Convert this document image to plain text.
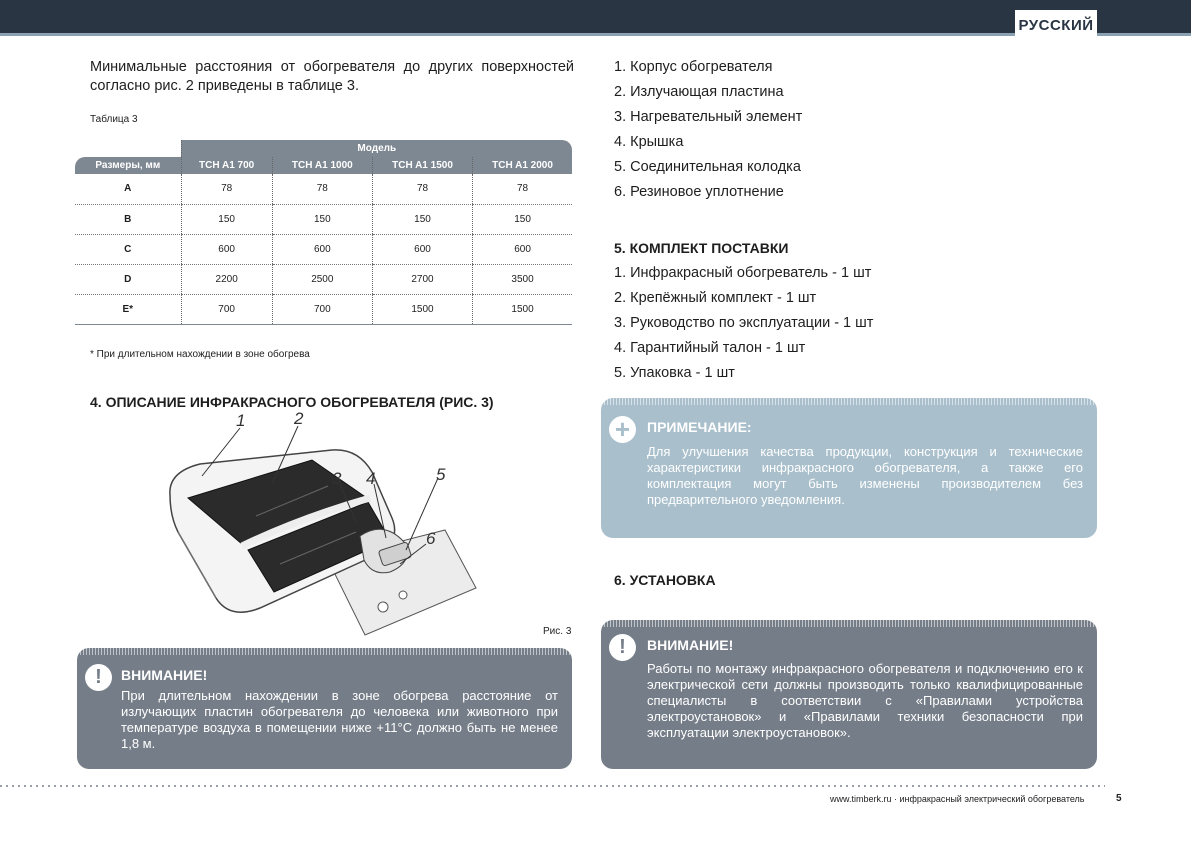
РУССКИЙ

Минимальные расстояния от обогревателя до других поверхностей согласно рис. 2 приведены в таблице 3.

Таблица 3
	Модель			
Размеры, мм	TCH A1 700	TCH A1 1000	TCH A1 1500	TCH A1 2000
A	78	78	78	78
B	150	150	150	150
C	600	600	600	600
D	2200	2500	2700	3500
E*	700	700	1500	1500
* При длительном нахождении в зоне обогрева
4. ОПИСАНИЕ ИНФРАКРАСНОГО ОБОГРЕВАТЕЛЯ (РИС. 3)
1	2
3 4	5
6
Рис. 3
!	ВНИМАНИЕ!

При длительном нахождении в зоне обогрева расстояние от излучающих пластин обогревателя до человека или животного при температуре воздуха в помещении ниже +11°С должно быть не менее 1,8 м.

1. Корпус обогревателя
2. Излучающая пластина
3. Нагревательный элемент
4. Крышка
5. Соединительная колодка
6. Резиновое уплотнение
5. КОМПЛЕКТ ПОСТАВКИ
1. Инфракрасный обогреватель - 1 шт
2. Крепёжный комплект - 1 шт
3. Руководство по эксплуатации - 1 шт
4. Гарантийный талон - 1 шт
5. Упаковка - 1 шт
+	ПРИМЕЧАНИЕ:

Для улучшения качества продукции, конструкция и технические характеристики инфракрасного обогревателя, а также его комплектация могут быть изменены производителем без предварительного уведомления.

6. УСТАНОВКА
!	ВНИМАНИЕ!

Работы по монтажу инфракрасного обогревателя и подключению его к электрической сети должны производить только квалифицированные специалисты в соответствии с «Правилами устройства электроустановок» и «Правилами техники безопасности при эксплуатации электроустановок».

www.timberk.ru · инфракрасный электрический обогреватель	5
